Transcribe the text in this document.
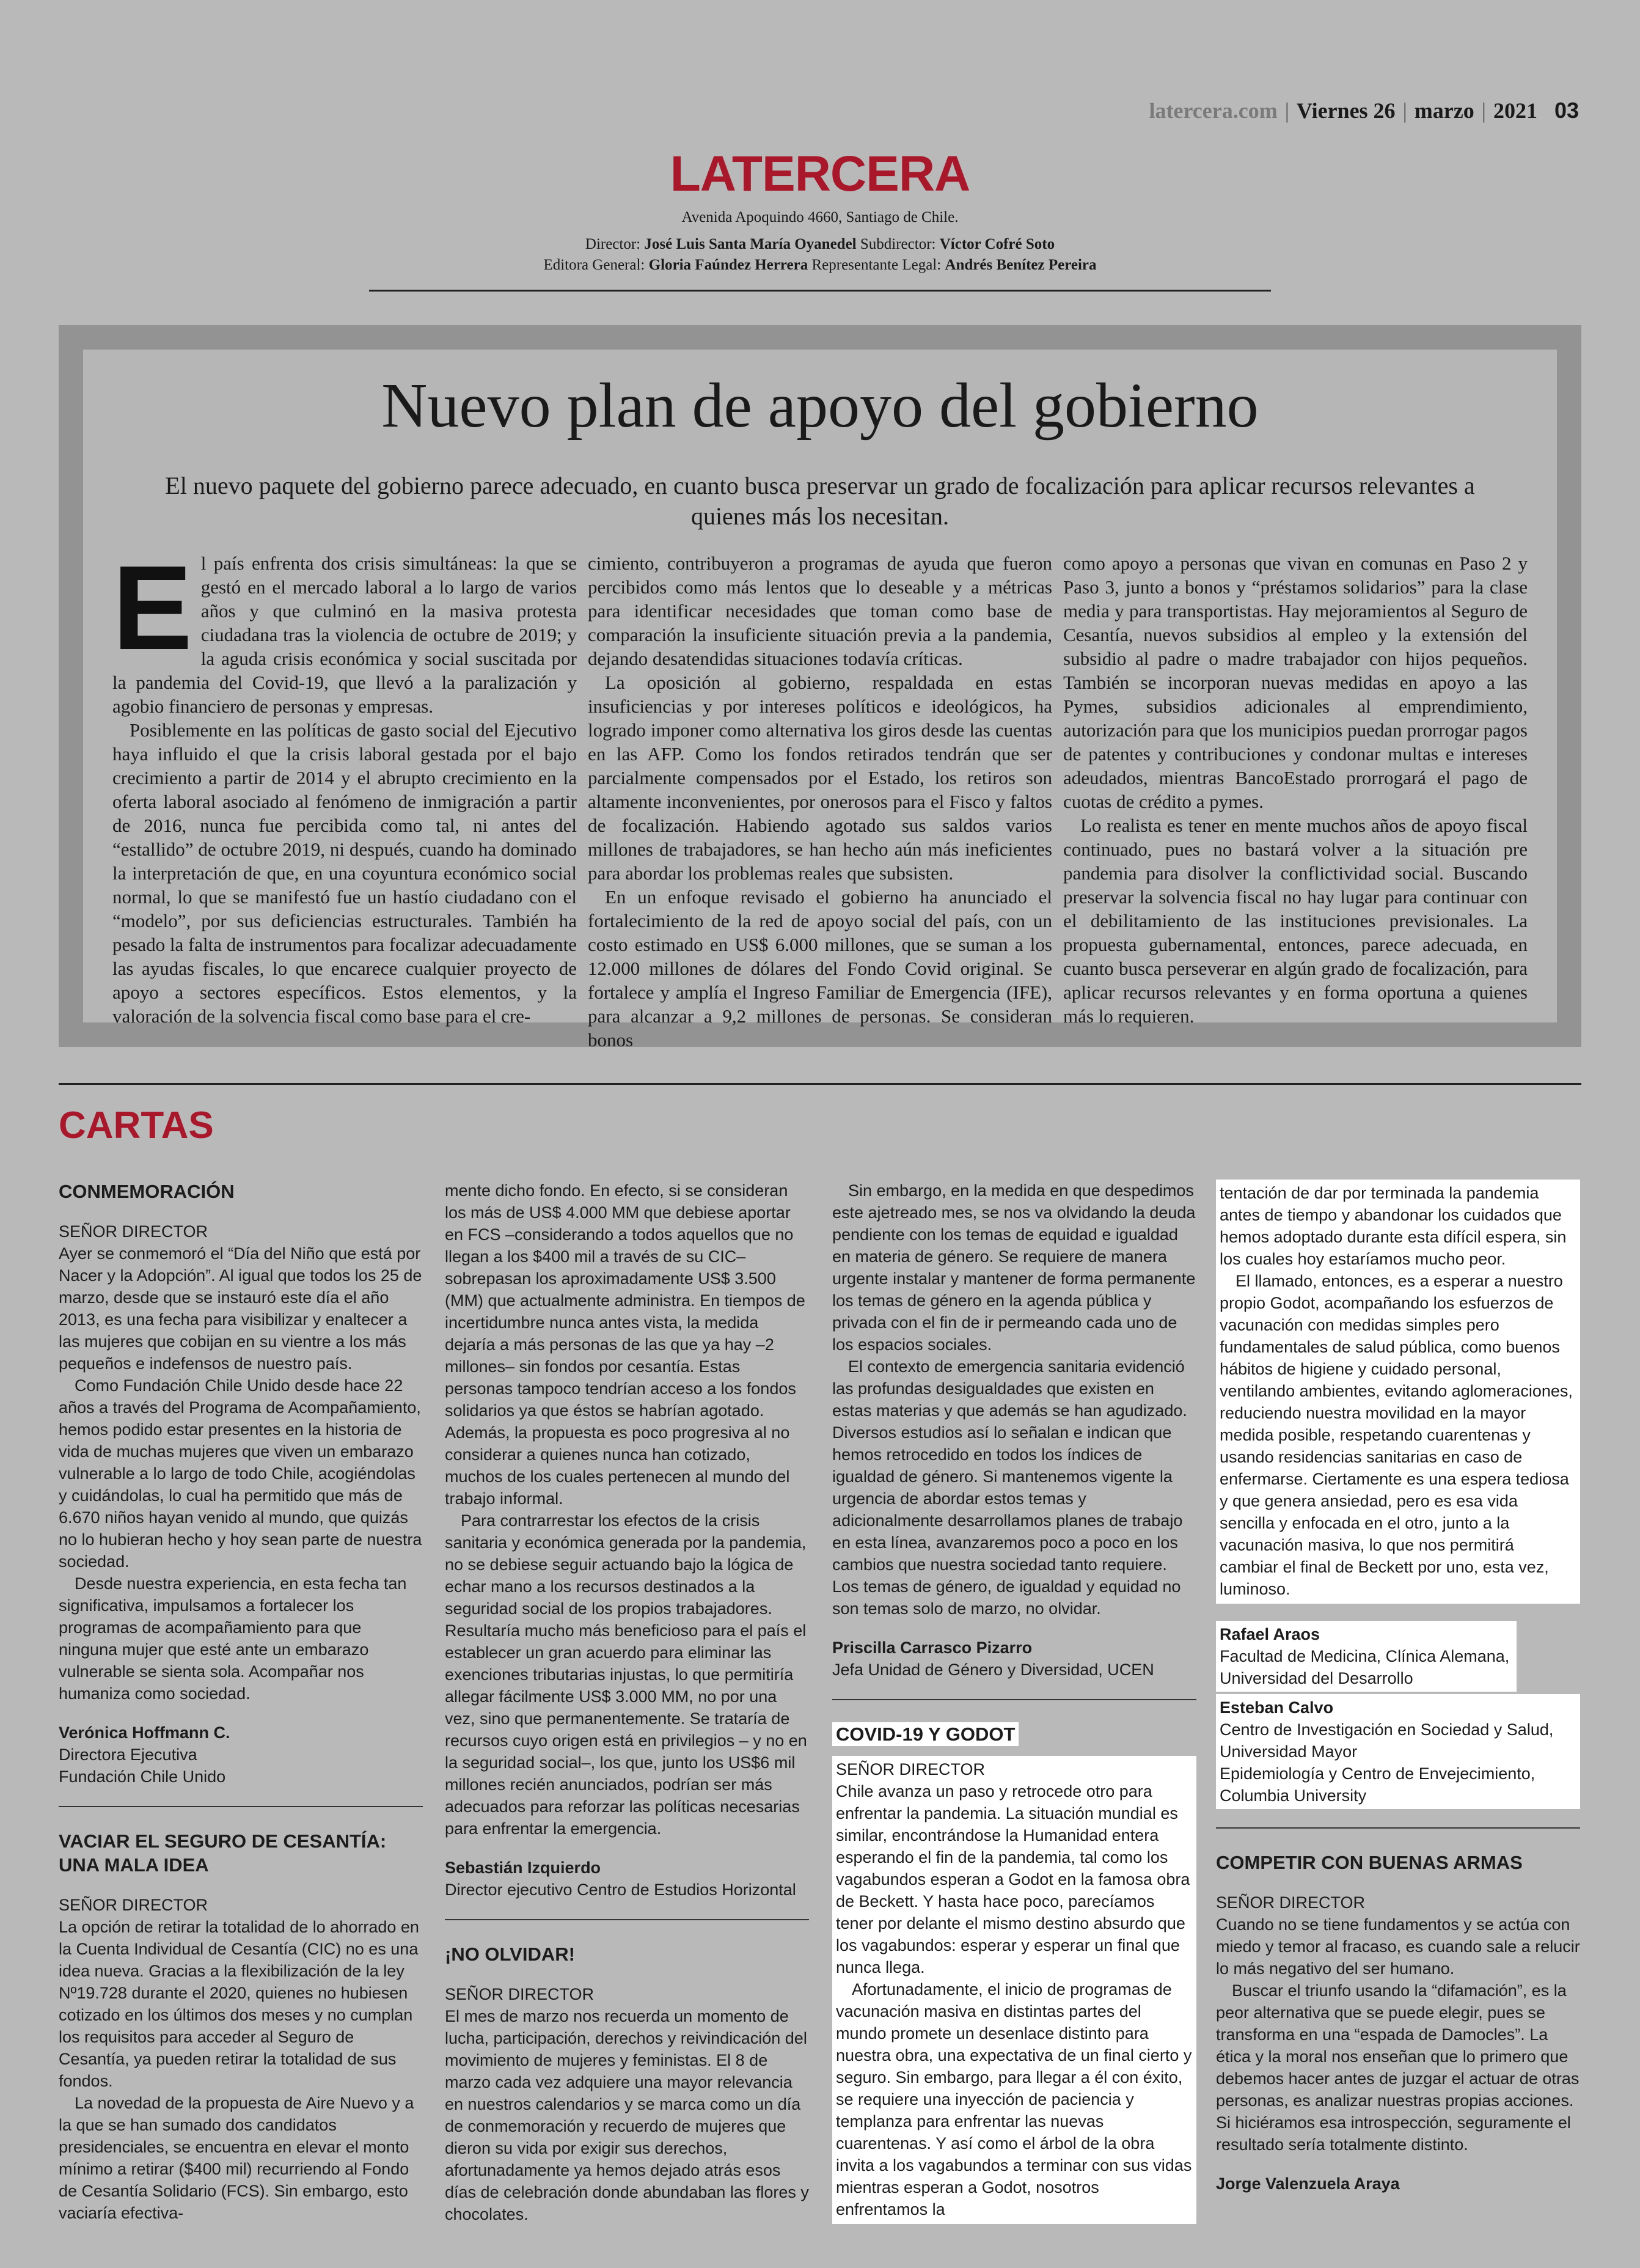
latercera.com | Viernes 26 | marzo | 2021 03
LATERCERA
Avenida Apoquindo 4660, Santiago de Chile.
Director: José Luis Santa María Oyanedel Subdirector: Víctor Cofré Soto
Editora General: Gloria Faúndez Herrera Representante Legal: Andrés Benítez Pereira
Nuevo plan de apoyo del gobierno
El nuevo paquete del gobierno parece adecuado, en cuanto busca preservar un grado de focalización para aplicar recursos relevantes a quienes más los necesitan.

El país enfrenta dos crisis simultáneas: la que se gestó en el mercado laboral a lo largo de varios años y que culminó en la masiva protesta ciudadana tras la violencia de octubre de 2019; y la aguda crisis económica y social suscitada por la pandemia del Covid-19, que llevó a la paralización y agobio financiero de personas y empresas.

Posiblemente en las políticas de gasto social del Ejecutivo haya influido el que la crisis laboral gestada por el bajo crecimiento a partir de 2014 y el abrupto crecimiento en la oferta laboral asociado al fenómeno de inmigración a partir de 2016, nunca fue percibida como tal, ni antes del “estallido” de octubre 2019, ni después, cuando ha dominado la interpretación de que, en una coyuntura económico social normal, lo que se manifestó fue un hastío ciudadano con el “modelo”, por sus deficiencias estructurales. También ha pesado la falta de instrumentos para focalizar adecuadamente las ayudas fiscales, lo que encarece cualquier proyecto de apoyo a sectores específicos. Estos elementos, y la valoración de la solvencia fiscal como base para el cre-

cimiento, contribuyeron a programas de ayuda que fueron percibidos como más lentos que lo deseable y a métricas para identificar necesidades que toman como base de comparación la insuficiente situación previa a la pandemia, dejando desatendidas situaciones todavía críticas.

La oposición al gobierno, respaldada en estas insuficiencias y por intereses políticos e ideológicos, ha logrado imponer como alternativa los giros desde las cuentas en las AFP. Como los fondos retirados tendrán que ser parcialmente compensados por el Estado, los retiros son altamente inconvenientes, por onerosos para el Fisco y faltos de focalización. Habiendo agotado sus saldos varios millones de trabajadores, se han hecho aún más ineficientes para abordar los problemas reales que subsisten.

En un enfoque revisado el gobierno ha anunciado el fortalecimiento de la red de apoyo social del país, con un costo estimado en US$ 6.000 millones, que se suman a los 12.000 millones de dólares del Fondo Covid original. Se fortalece y amplía el Ingreso Familiar de Emergencia (IFE), para alcanzar a 9,2 millones de personas. Se consideran bonos

como apoyo a personas que vivan en comunas en Paso 2 y Paso 3, junto a bonos y “préstamos solidarios” para la clase media y para transportistas. Hay mejoramientos al Seguro de Cesantía, nuevos subsidios al empleo y la extensión del subsidio al padre o madre trabajador con hijos pequeños. También se incorporan nuevas medidas en apoyo a las Pymes, subsidios adicionales al emprendimiento, autorización para que los municipios puedan prorrogar pagos de patentes y contribuciones y condonar multas e intereses adeudados, mientras BancoEstado prorrogará el pago de cuotas de crédito a pymes.

Lo realista es tener en mente muchos años de apoyo fiscal continuado, pues no bastará volver a la situación pre pandemia para disolver la conflictividad social. Buscando preservar la solvencia fiscal no hay lugar para continuar con el debilitamiento de las instituciones previsionales. La propuesta gubernamental, entonces, parece adecuada, en cuanto busca perseverar en algún grado de focalización, para aplicar recursos relevantes y en forma oportuna a quienes más lo requieren.

CARTAS
CONMEMORACIÓN
SEÑOR DIRECTOR

Ayer se conmemoró el “Día del Niño que está por Nacer y la Adopción”. Al igual que todos los 25 de marzo, desde que se instauró este día el año 2013, es una fecha para visibilizar y enaltecer a las mujeres que cobijan en su vientre a los más pequeños e indefensos de nuestro país.

Como Fundación Chile Unido desde hace 22 años a través del Programa de Acompañamiento, hemos podido estar presentes en la historia de vida de muchas mujeres que viven un embarazo vulnerable a lo largo de todo Chile, acogiéndolas y cuidándolas, lo cual ha permitido que más de 6.670 niños hayan venido al mundo, que quizás no lo hubieran hecho y hoy sean parte de nuestra sociedad.

Desde nuestra experiencia, en esta fecha tan significativa, impulsamos a fortalecer los programas de acompañamiento para que ninguna mujer que esté ante un embarazo vulnerable se sienta sola. Acompañar nos humaniza como sociedad.

Verónica Hoffmann C.
Directora Ejecutiva
Fundación Chile Unido
VACIAR EL SEGURO DE CESANTÍA: UNA MALA IDEA
SEÑOR DIRECTOR

La opción de retirar la totalidad de lo ahorrado en la Cuenta Individual de Cesantía (CIC) no es una idea nueva. Gracias a la flexibilización de la ley Nº19.728 durante el 2020, quienes no hubiesen cotizado en los últimos dos meses y no cumplan los requisitos para acceder al Seguro de Cesantía, ya pueden retirar la totalidad de sus fondos.

La novedad de la propuesta de Aire Nuevo y a la que se han sumado dos candidatos presidenciales, se encuentra en elevar el monto mínimo a retirar ($400 mil) recurriendo al Fondo de Cesantía Solidario (FCS). Sin embargo, esto vaciaría efectiva-

mente dicho fondo. En efecto, si se consideran los más de US$ 4.000 MM que debiese aportar en FCS –considerando a todos aquellos que no llegan a los $400 mil a través de su CIC– sobrepasan los aproximadamente US$ 3.500 (MM) que actualmente administra. En tiempos de incertidumbre nunca antes vista, la medida dejaría a más personas de las que ya hay –2 millones– sin fondos por cesantía. Estas personas tampoco tendrían acceso a los fondos solidarios ya que éstos se habrían agotado. Además, la propuesta es poco progresiva al no considerar a quienes nunca han cotizado, muchos de los cuales pertenecen al mundo del trabajo informal.

Para contrarrestar los efectos de la crisis sanitaria y económica generada por la pandemia, no se debiese seguir actuando bajo la lógica de echar mano a los recursos destinados a la seguridad social de los propios trabajadores. Resultaría mucho más beneficioso para el país el establecer un gran acuerdo para eliminar las exenciones tributarias injustas, lo que permitiría allegar fácilmente US$ 3.000 MM, no por una vez, sino que permanentemente. Se trataría de recursos cuyo origen está en privilegios – y no en la seguridad social–, los que, junto los US$6 mil millones recién anunciados, podrían ser más adecuados para reforzar las políticas necesarias para enfrentar la emergencia.

Sebastián Izquierdo
Director ejecutivo Centro de Estudios Horizontal
¡NO OLVIDAR!
SEÑOR DIRECTOR

El mes de marzo nos recuerda un momento de lucha, participación, derechos y reivindicación del movimiento de mujeres y feministas. El 8 de marzo cada vez adquiere una mayor relevancia en nuestros calendarios y se marca como un día de conmemoración y recuerdo de mujeres que dieron su vida por exigir sus derechos, afortunadamente ya hemos dejado atrás esos días de celebración donde abundaban las flores y chocolates.

Sin embargo, en la medida en que despedimos este ajetreado mes, se nos va olvidando la deuda pendiente con los temas de equidad e igualdad en materia de género. Se requiere de manera urgente instalar y mantener de forma permanente los temas de género en la agenda pública y privada con el fin de ir permeando cada uno de los espacios sociales.

El contexto de emergencia sanitaria evidenció las profundas desigualdades que existen en estas materias y que además se han agudizado. Diversos estudios así lo señalan e indican que hemos retrocedido en todos los índices de igualdad de género. Si mantenemos vigente la urgencia de abordar estos temas y adicionalmente desarrollamos planes de trabajo en esta línea, avanzaremos poco a poco en los cambios que nuestra sociedad tanto requiere. Los temas de género, de igualdad y equidad no son temas solo de marzo, no olvidar.

Priscilla Carrasco Pizarro
Jefa Unidad de Género y Diversidad, UCEN
COVID-19 Y GODOT
SEÑOR DIRECTOR

Chile avanza un paso y retrocede otro para enfrentar la pandemia. La situación mundial es similar, encontrándose la Humanidad entera esperando el fin de la pandemia, tal como los vagabundos esperan a Godot en la famosa obra de Beckett. Y hasta hace poco, parecíamos tener por delante el mismo destino absurdo que los vagabundos: esperar y esperar un final que nunca llega.

Afortunadamente, el inicio de programas de vacunación masiva en distintas partes del mundo promete un desenlace distinto para nuestra obra, una expectativa de un final cierto y seguro. Sin embargo, para llegar a él con éxito, se requiere una inyección de paciencia y templanza para enfrentar las nuevas cuarentenas. Y así como el árbol de la obra invita a los vagabundos a terminar con sus vidas mientras esperan a Godot, nosotros enfrentamos la

tentación de dar por terminada la pandemia antes de tiempo y abandonar los cuidados que hemos adoptado durante esta difícil espera, sin los cuales hoy estaríamos mucho peor.

El llamado, entonces, es a esperar a nuestro propio Godot, acompañando los esfuerzos de vacunación con medidas simples pero fundamentales de salud pública, como buenos hábitos de higiene y cuidado personal, ventilando ambientes, evitando aglomeraciones, reduciendo nuestra movilidad en la mayor medida posible, respetando cuarentenas y usando residencias sanitarias en caso de enfermarse. Ciertamente es una espera tediosa y que genera ansiedad, pero es esa vida sencilla y enfocada en el otro, junto a la vacunación masiva, lo que nos permitirá cambiar el final de Beckett por uno, esta vez, luminoso.

Rafael Araos
Facultad de Medicina, Clínica Alemana,
Universidad del Desarrollo
Esteban Calvo
Centro de Investigación en Sociedad y Salud,
Universidad Mayor
Epidemiología y Centro de Envejecimiento,
Columbia University
COMPETIR CON BUENAS ARMAS
SEÑOR DIRECTOR

Cuando no se tiene fundamentos y se actúa con miedo y temor al fracaso, es cuando sale a relucir lo más negativo del ser humano.

Buscar el triunfo usando la “difamación”, es la peor alternativa que se puede elegir, pues se transforma en una “espada de Damocles”. La ética y la moral nos enseñan que lo primero que debemos hacer antes de juzgar el actuar de otras personas, es analizar nuestras propias acciones. Si hiciéramos esa introspección, seguramente el resultado sería totalmente distinto.

Jorge Valenzuela Araya
